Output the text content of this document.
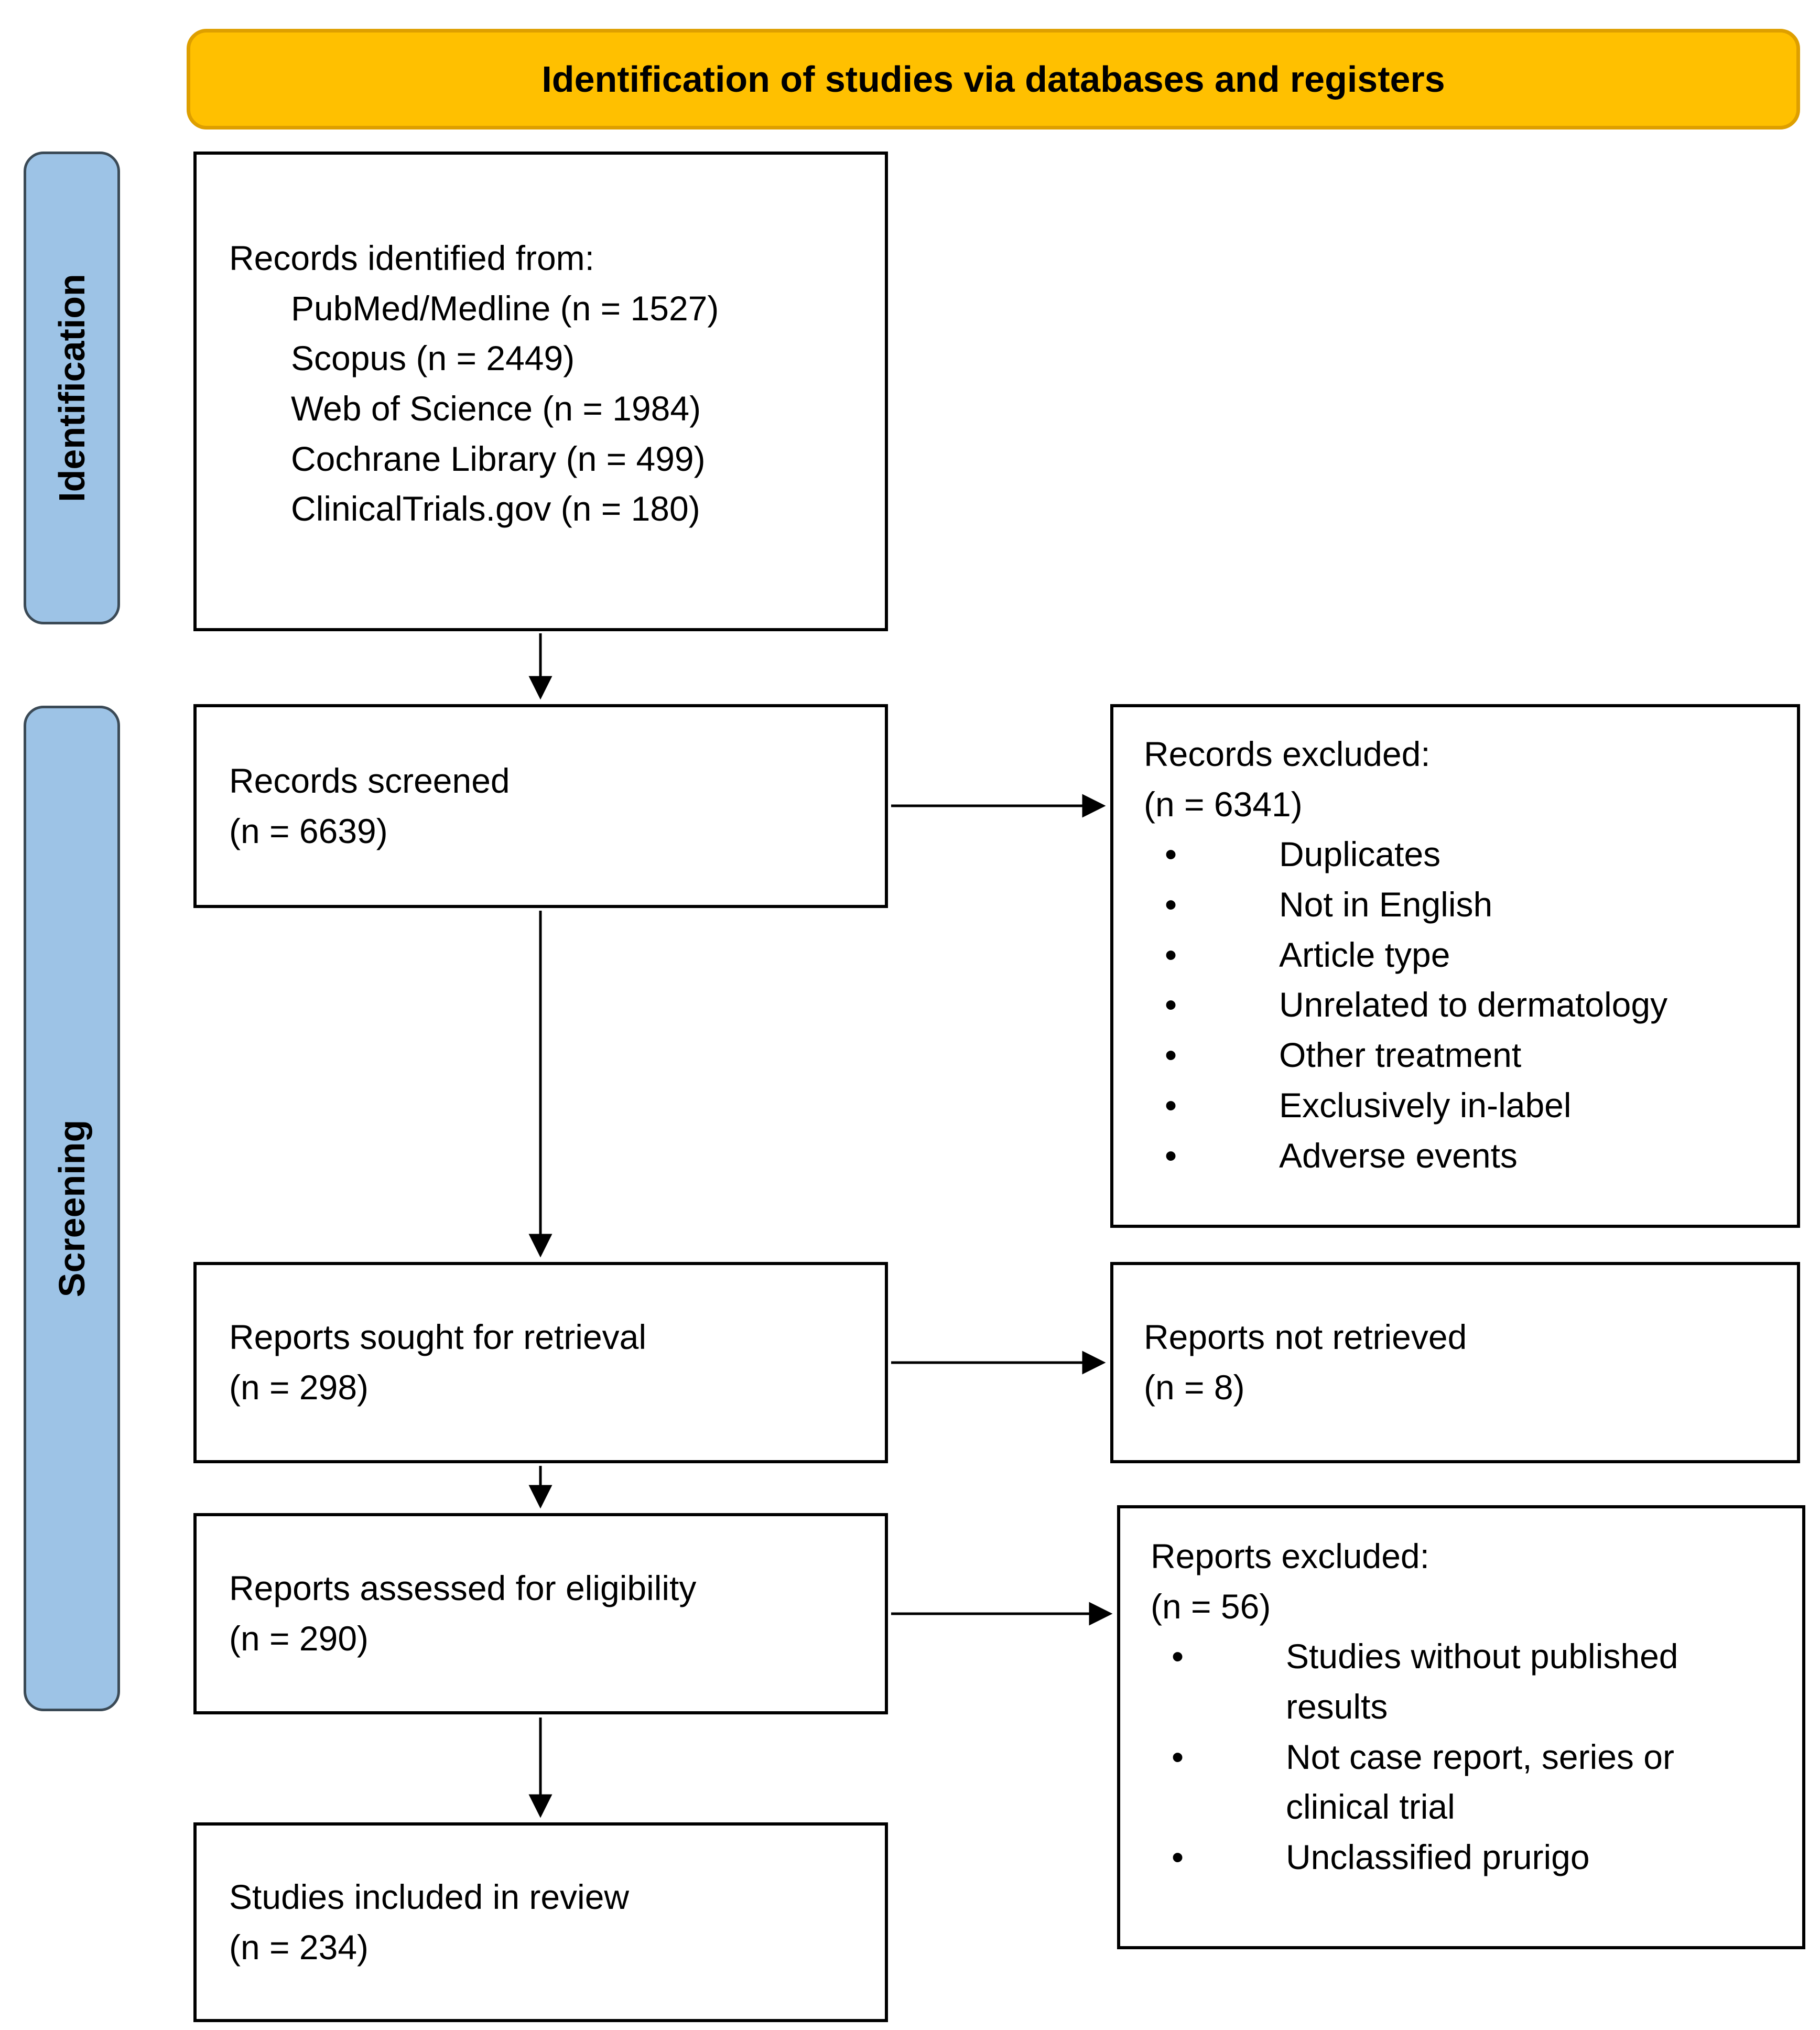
Identification of studies via databases and registers
Identification
Screening
Records identified from:
PubMed/Medline (n = 1527)
Scopus (n = 2449)
Web of Science (n = 1984)
Cochrane Library (n = 499)
ClinicalTrials.gov (n = 180)
Records screened
(n = 6639)
Records excluded:
(n = 6341)
• Duplicates
• Not in English
• Article type
• Unrelated to dermatology
• Other treatment
• Exclusively in-label
• Adverse events
Reports sought for retrieval
(n = 298)
Reports not retrieved
(n = 8)
Reports assessed for eligibility
(n = 290)
Reports excluded:
(n = 56)
• Studies without published results
• Not case report, series or clinical trial
• Unclassified prurigo
Studies included in review
(n = 234)
